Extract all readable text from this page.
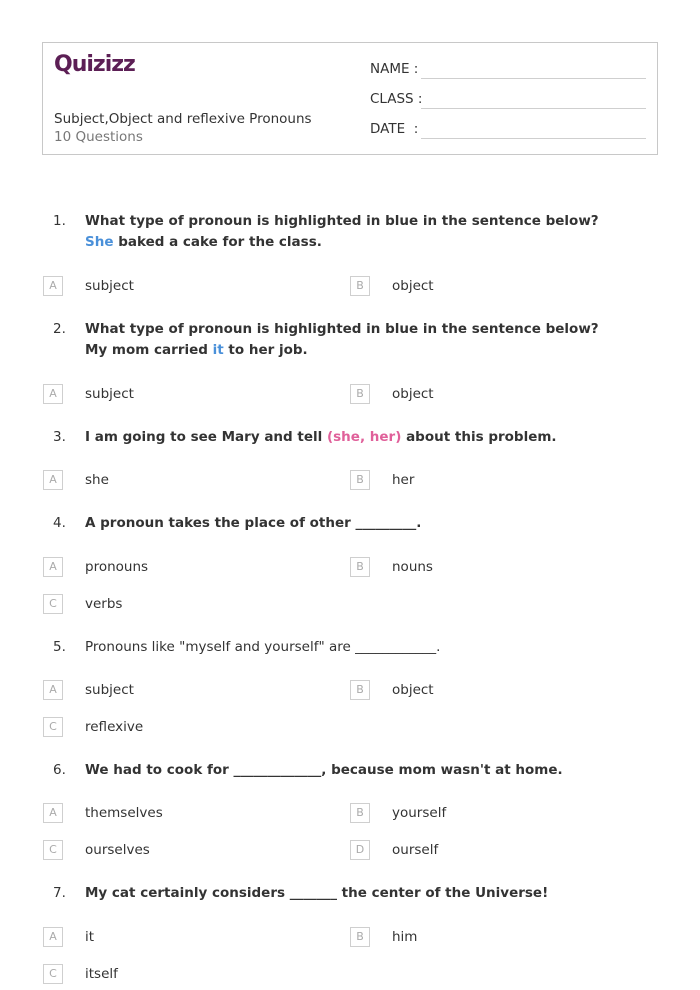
Quizizz
Subject,Object and reflexive Pronouns
10 Questions
NAME :
CLASS :
DATE  :
1. What type of pronoun is highlighted in blue in the sentence below?
She baked a cake for the class.
A	subject	B	object
2. What type of pronoun is highlighted in blue in the sentence below?
My mom carried it to her job.
A	subject	B	object
3. I am going to see Mary and tell (she, her) about this problem.
A	she	B	her
4. A pronoun takes the place of other _________.
A	pronouns	B	nouns
C	verbs
5. Pronouns like "myself and yourself" are ____________.
A	subject	B	object
C	reflexive
6. We had to cook for _____________, because mom wasn't at home.
A	themselves	B	yourself
C	ourselves	D	ourself
7. My cat certainly considers _______ the center of the Universe!
A	it	B	him
C	itself
